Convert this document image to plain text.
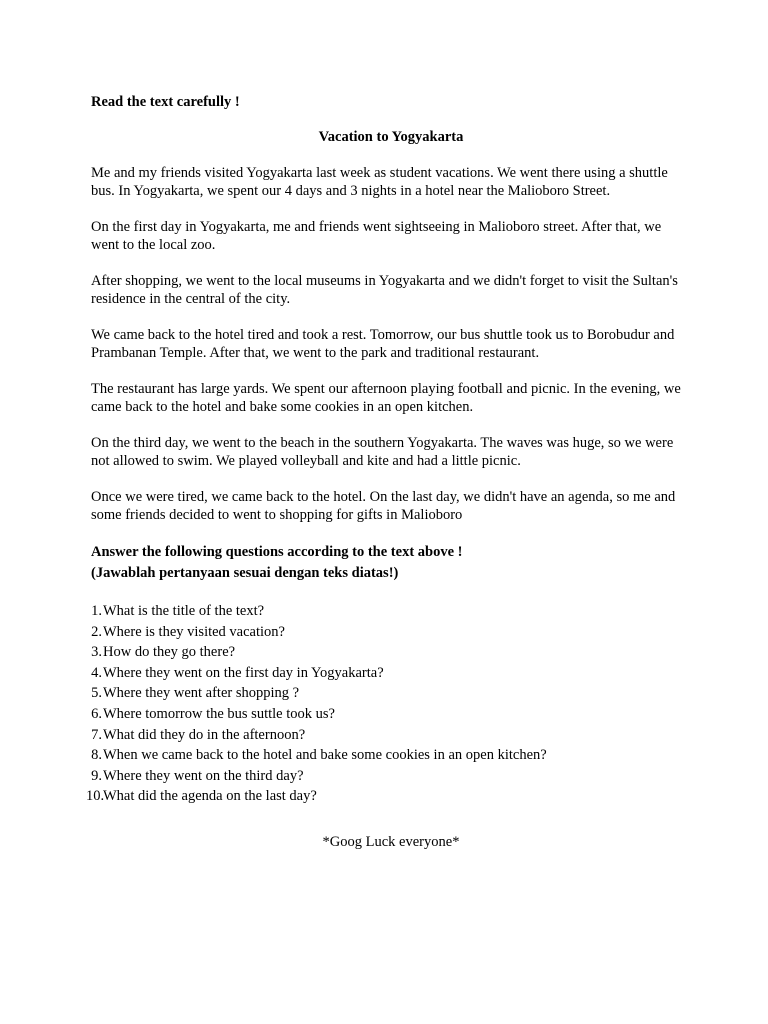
Read the text carefully !

Vacation to Yogyakarta

Me and my friends visited Yogyakarta last week as student vacations. We went there using a shuttle bus. In Yogyakarta, we spent our 4 days and 3 nights in a hotel near the Malioboro Street.

On the first day in Yogyakarta, me and friends went sightseeing in Malioboro street. After that, we went to the local zoo.

After shopping, we went to the local museums in Yogyakarta and we didn't forget to visit the Sultan's residence in the central of the city.

We came back to the hotel tired and took a rest. Tomorrow, our bus shuttle took us to Borobudur and Prambanan Temple. After that, we went to the park and traditional restaurant.

The restaurant has large yards. We spent our afternoon playing football and picnic. In the evening, we came back to the hotel and bake some cookies in an open kitchen.

On the third day, we went to the beach in the southern Yogyakarta. The waves was huge, so we were not allowed to swim. We played volleyball and kite and had a little picnic.

Once we were tired, we came back to the hotel. On the last day, we didn't have an agenda, so me and some friends decided to went to shopping for gifts in Malioboro

Answer the following questions according to the text above !
(Jawablah pertanyaan sesuai dengan teks diatas!)
1. What is the title of the text?
2. Where is they visited vacation?
3. How do they go there?
4. Where they went on the first day in Yogyakarta?
5. Where they went after shopping ?
6. Where tomorrow the bus suttle took us?
7. What did they do in the afternoon?
8. When we came back to the hotel and bake some cookies in an open kitchen?
9. Where they went on the third day?
10.
What did the agenda on the last day?

*Goog Luck everyone*
